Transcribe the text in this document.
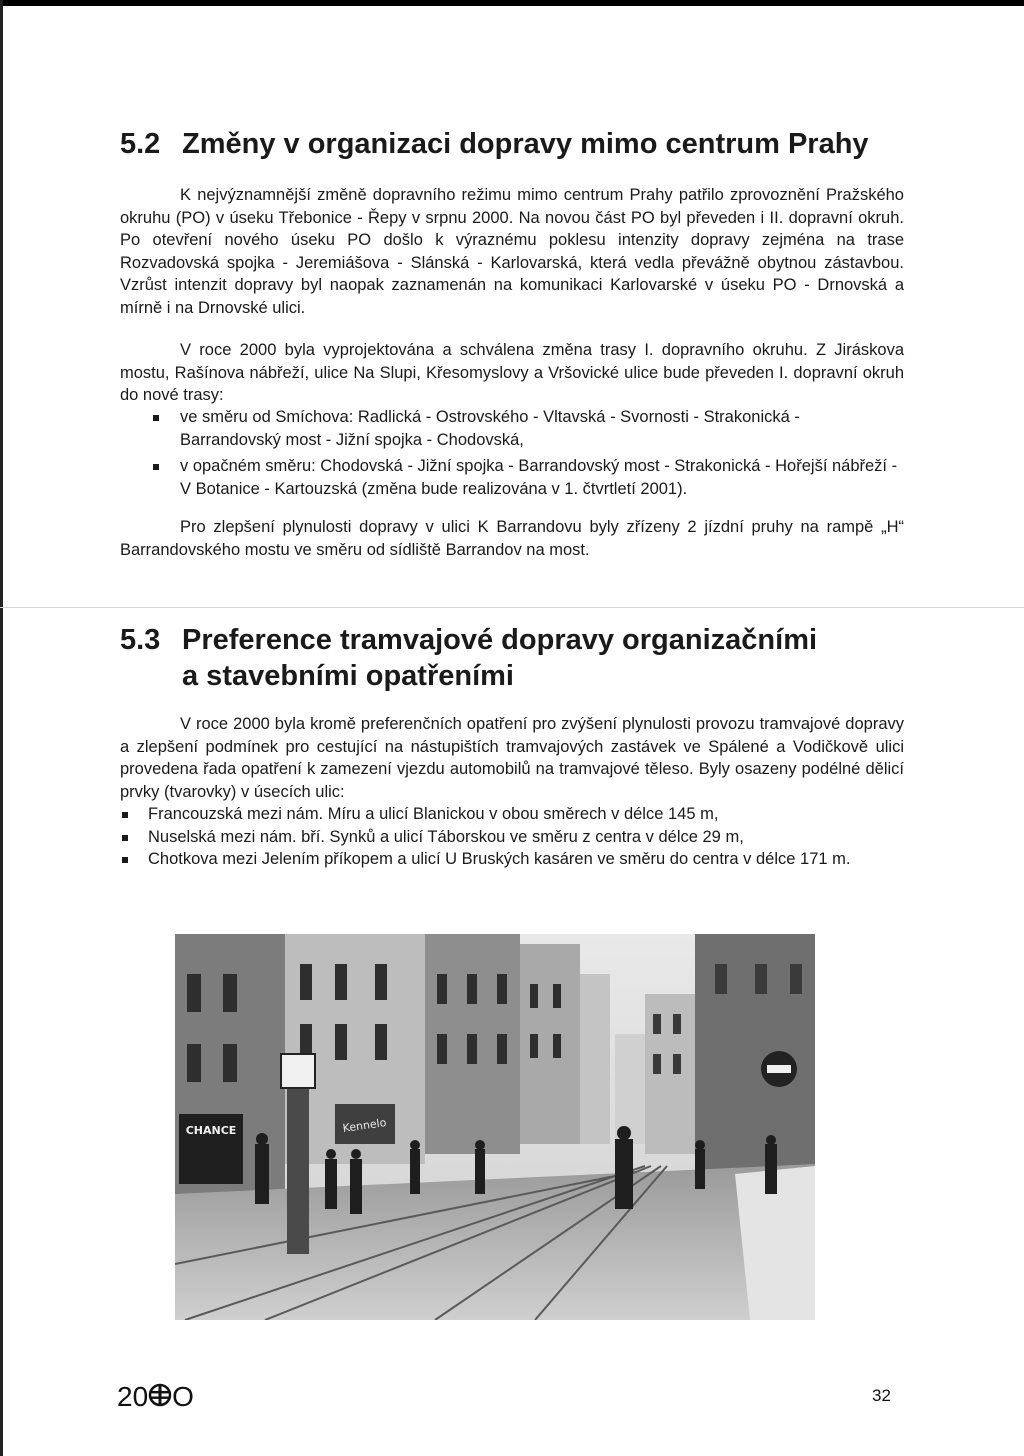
5.2 Změny v organizaci dopravy mimo centrum Prahy

K nejvýznamnější změně dopravního režimu mimo centrum Prahy patřilo zprovoznění Pražského okruhu (PO) v úseku Třebonice - Řepy v srpnu 2000. Na novou část PO byl převeden i II. dopravní okruh. Po otevření nového úseku PO došlo k výraznému poklesu intenzity dopravy zejména na trase Rozvadovská spojka - Jeremiášova - Slánská - Karlovarská, která vedla převážně obytnou zástavbou. Vzrůst intenzit dopravy byl naopak zaznamenán na komunikaci Karlovarské v úseku PO - Drnovská a mírně i na Drnovské ulici.

V roce 2000 byla vyprojektována a schválena změna trasy I. dopravního okruhu. Z Jiráskova mostu, Rašínova nábřeží, ulice Na Slupi, Křesomyslovy a Vršovické ulice bude převeden I. dopravní okruh do nové trasy:

ve směru od Smíchova: Radlická - Ostrovského - Vltavská - Svornosti - Strakonická - Barrandovský most - Jižní spojka - Chodovská,
v opačném směru: Chodovská - Jižní spojka - Barrandovský most - Strakonická - Hořejší nábřeží - V Botanice - Kartouzská (změna bude realizována v 1. čtvrtletí 2001).

Pro zlepšení plynulosti dopravy v ulici K Barrandovu byly zřízeny 2 jízdní pruhy na rampě „H“ Barrandovského mostu ve směru od sídliště Barrandov na most.

5.3 Preference tramvajové dopravy organizačními
a stavebními opatřeními

V roce 2000 byla kromě preferenčních opatření pro zvýšení plynulosti provozu tramvajové dopravy a zlepšení podmínek pro cestující na nástupištích tramvajových zastávek ve Spálené a Vodičkově ulici provedena řada opatření k zamezení vjezdu automobilů na tramvajové těleso. Byly osazeny podélné dělicí prvky (tvarovky) v úsecích ulic:

Francouzská mezi nám. Míru a ulicí Blanickou v obou směrech v délce 145 m,
Nuselská mezi nám. bří. Synků a ulicí Táborskou ve směru z centra v délce 29 m,
Chotkova mezi Jelením příkopem a ulicí U Bruských kasáren ve směru do centra v délce 171 m.
CHANCE	Kennelo
20 O	32
